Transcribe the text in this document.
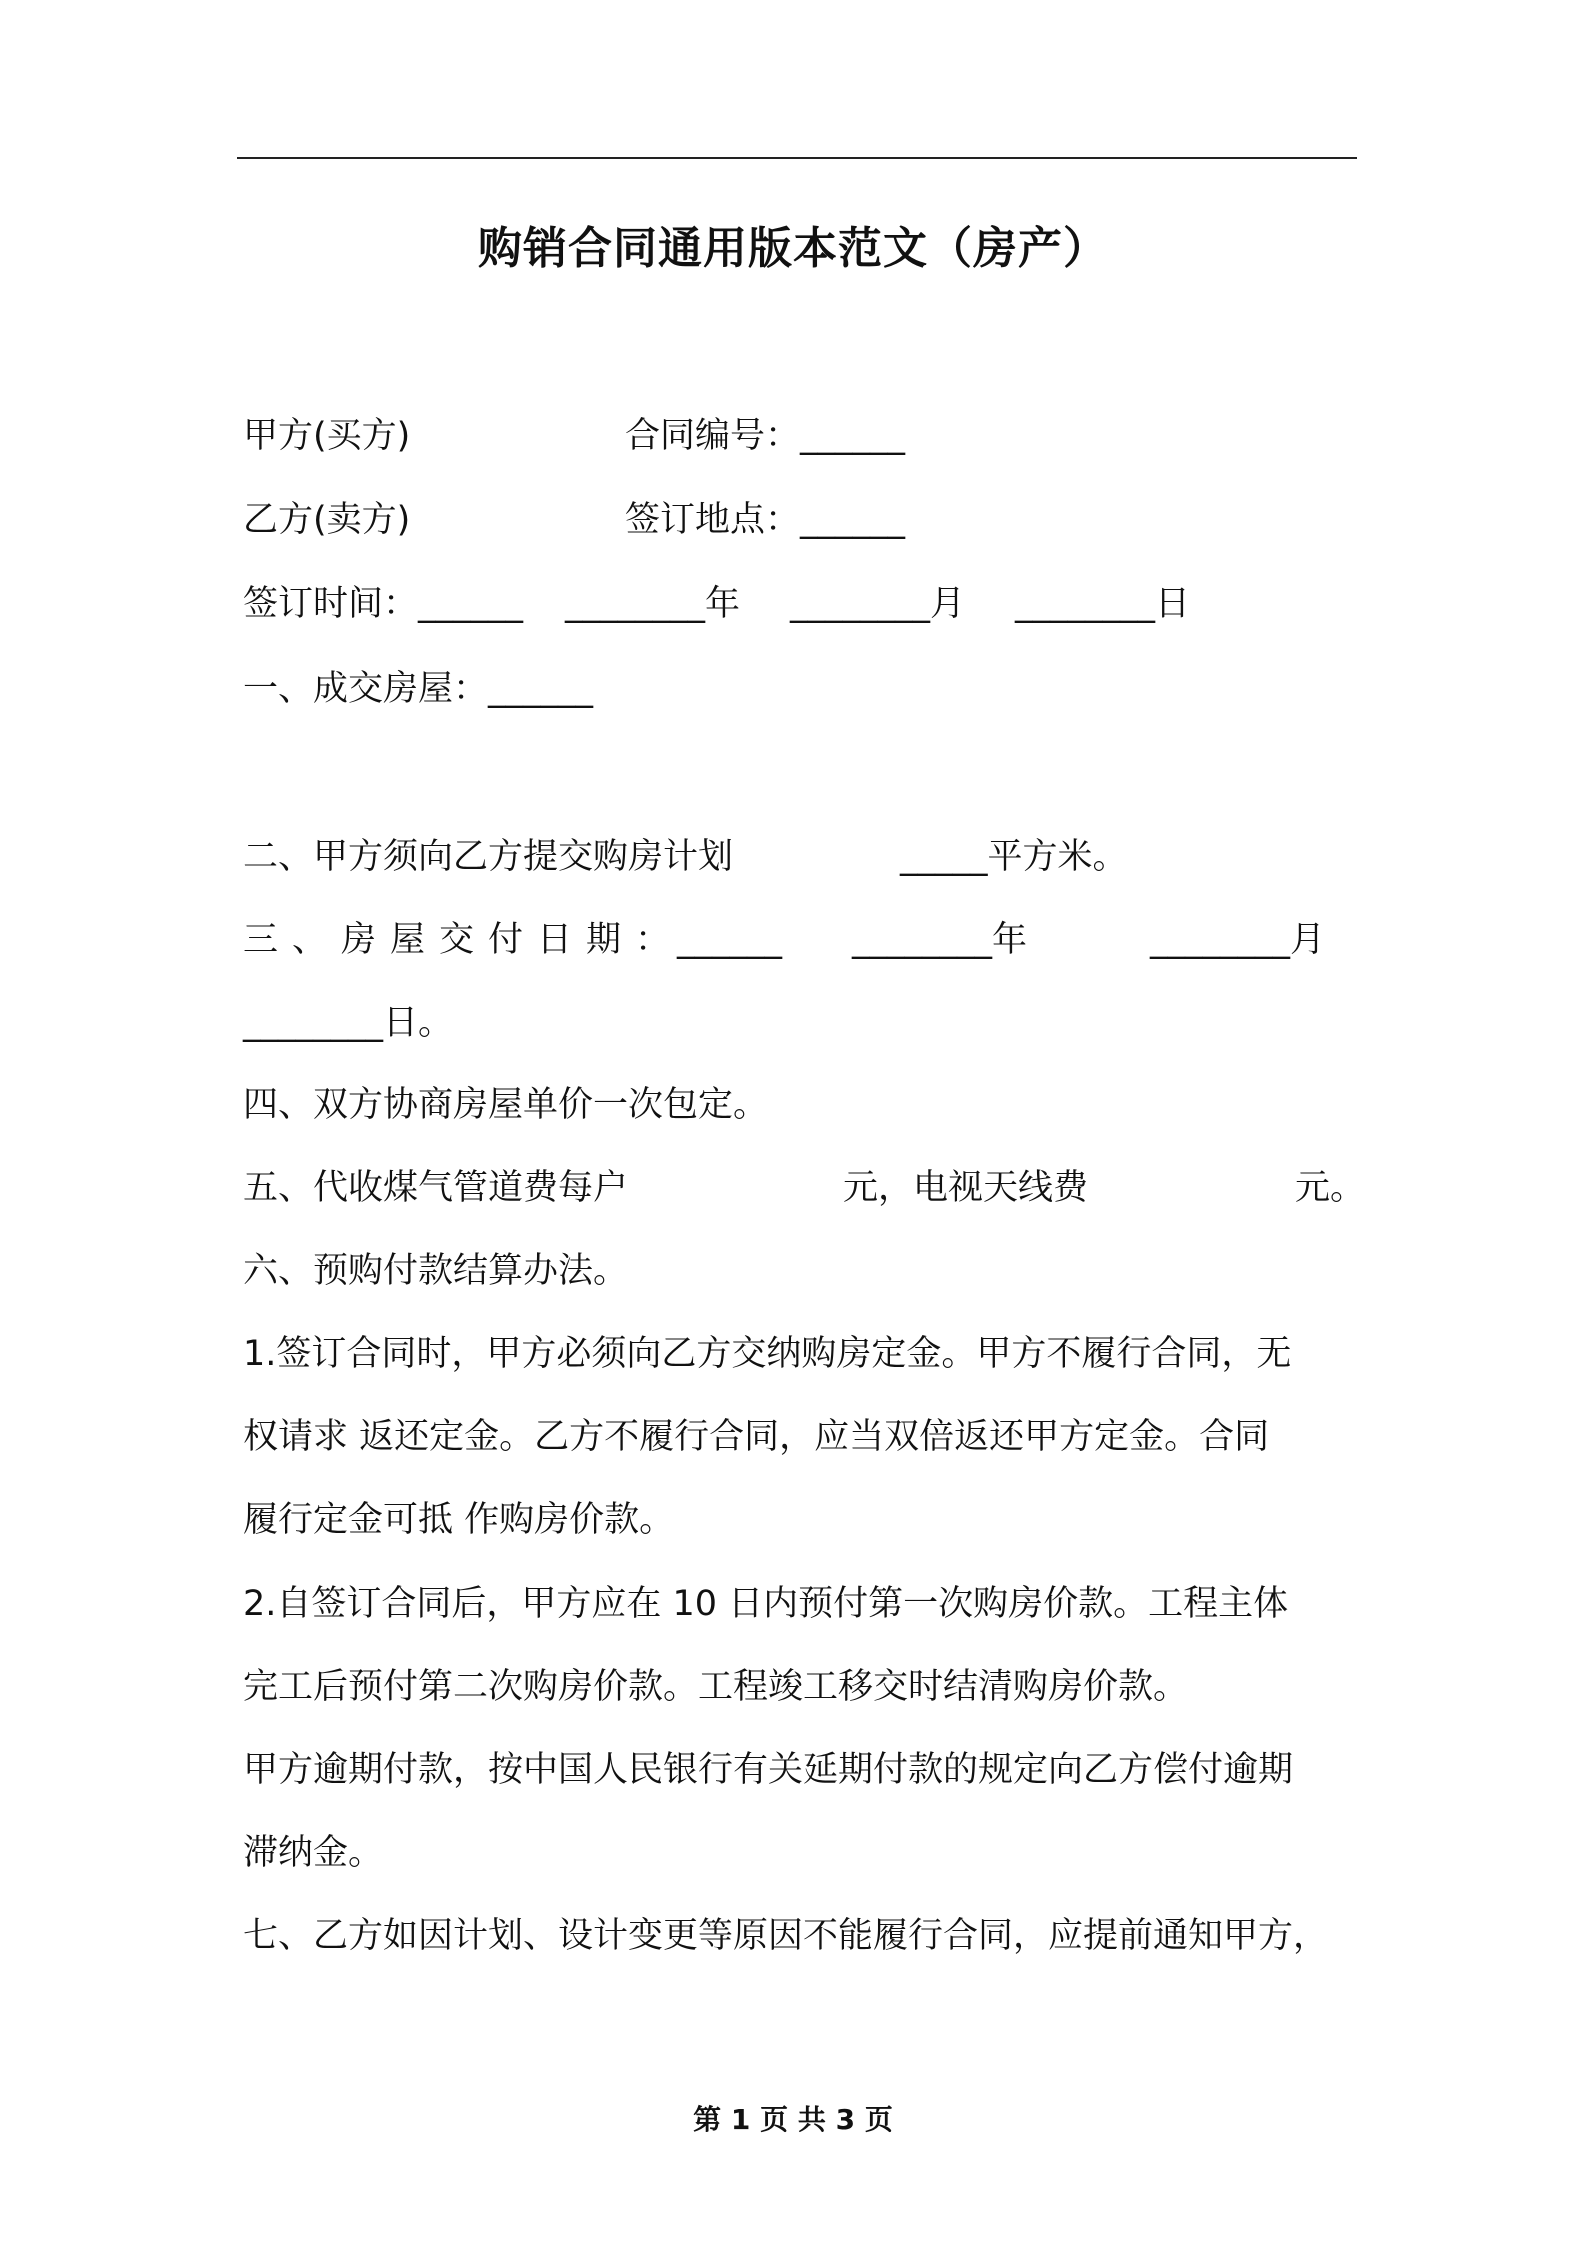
购销合同通用版本范文（房产）
甲方(买方)	合同编号：______
乙方(卖方)	签订地点：______
签订时间：______ ________年 ________月 ________日
一、成交房屋：______
二、甲方须向乙方提交购房计划	_____平方米。
三、房屋交付日期：
______ ________年	________月
________日。
四、双方协商房屋单价一次包定。
五、代收煤气管道费每户	元，电视天线费	元。
六、预购付款结算办法。
1.签订合同时，甲方必须向乙方交纳购房定金。甲方不履行合同，无
权请求 返还定金。乙方不履行合同，应当双倍返还甲方定金。合同
履行定金可抵 作购房价款。
2.自签订合同后，甲方应在 10 日内预付第一次购房价款。工程主体
完工后预付第二次购房价款。工程竣工移交时结清购房价款。
甲方逾期付款，按中国人民银行有关延期付款的规定向乙方偿付逾期
滞纳金。
七、乙方如因计划、设计变更等原因不能履行合同，应提前通知甲方，
第 1 页 共 3 页
